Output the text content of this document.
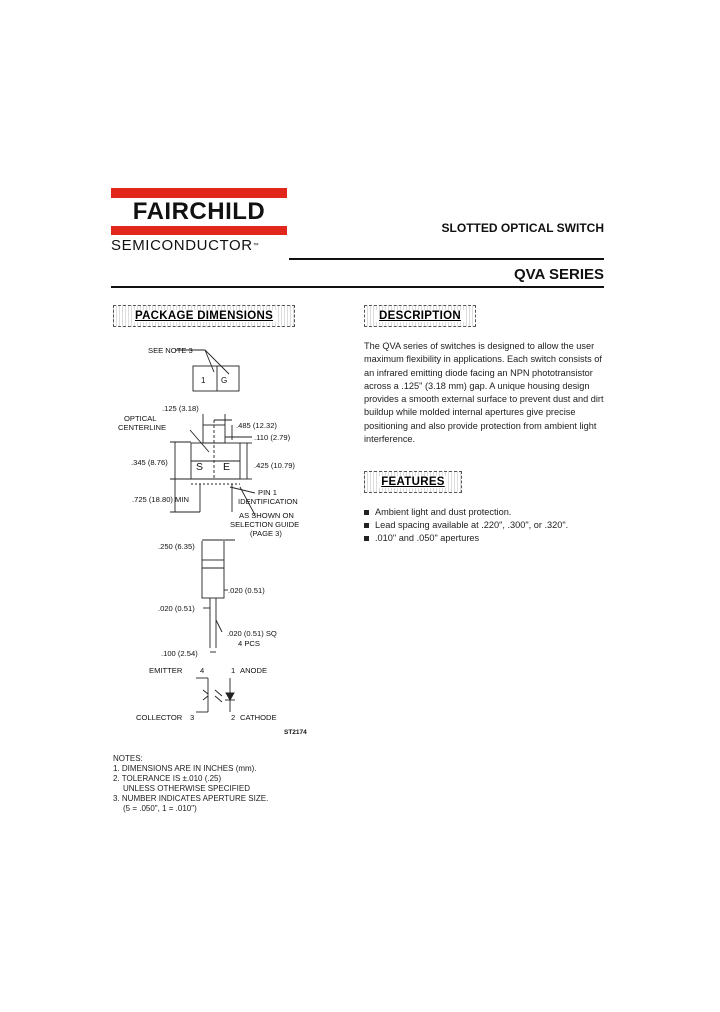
FAIRCHILD
SEMICONDUCTOR™
SLOTTED OPTICAL SWITCH
QVA SERIES
PACKAGE DIMENSIONS	DESCRIPTION
The QVA series of switches is designed to allow the user maximum flexibility in applications. Each switch consists of an infrared emitting diode facing an NPN phototransistor across a .125" (3.18 mm) gap. A unique housing design provides a smooth external surface to prevent dust and dirt buildup while molded internal apertures give precise positioning and also provide protection from ambient light interference.
FEATURES
Ambient light and dust protection.
Lead spacing available at .220", .300", or .320".
.010" and .050" apertures
SEE NOTE 3
1 G
.125 (3.18)
.485 (12.32)
.110 (2.79)
OPTICAL
CENTERLINE
.345 (8.76)	S E	.425 (10.79)
PIN 1
.725 (18.80) MIN	IDENTIFICATION
AS SHOWN ON
SELECTION GUIDE
(PAGE 3)
.250 (6.35)
.020 (0.51)
.020 (0.51)
.020 (0.51) SQ
4 PCS
.100 (2.54)
EMITTER 4	1 ANODE
COLLECTOR 3	2 CATHODE
ST2174
NOTES:
1. DIMENSIONS ARE IN INCHES (mm).
2. TOLERANCE IS ±.010 (.25)
UNLESS OTHERWISE SPECIFIED
3. NUMBER INDICATES APERTURE SIZE.
(5 = .050", 1 = .010")
